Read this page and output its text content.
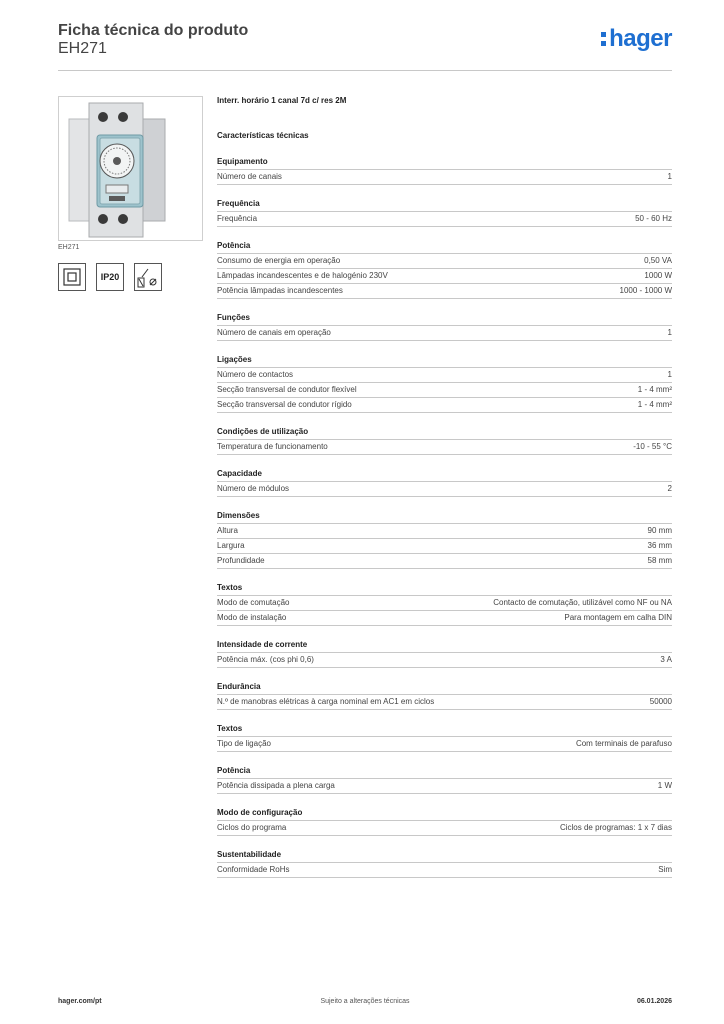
Ficha técnica do produto
EH271	hager
EH271
IP20
Interr. horário 1 canal 7d c/ res 2M
Características técnicas
Equipamento
Número de canais	1
Frequência
Frequência	50 - 60 Hz
Potência
Consumo de energia em operação	0,50 VA
Lâmpadas incandescentes e de halogénio 230V	1000 W
Potência lâmpadas incandescentes	1000 - 1000 W
Funções
Número de canais em operação	1
Ligações
Número de contactos	1
Secção transversal de condutor flexível	1 - 4 mm²
Secção transversal de condutor rígido	1 - 4 mm²
Condições de utilização
Temperatura de funcionamento	-10 - 55 °C
Capacidade
Número de módulos	2
Dimensões
Altura	90 mm
Largura	36 mm
Profundidade	58 mm
Textos
Modo de comutação	Contacto de comutação, utilizável como NF ou NA
Modo de instalação	Para montagem em calha DIN
Intensidade de corrente
Potência máx. (cos phi 0,6)	3 A
Endurância
N.º de manobras elétricas à carga nominal em AC1 em ciclos	50000
Textos
Tipo de ligação	Com terminais de parafuso
Potência
Potência dissipada a plena carga	1 W
Modo de configuração
Ciclos do programa	Ciclos de programas: 1 x 7 dias
Sustentabilidade
Conformidade RoHs	Sim
hager.com/pt	Sujeito a alterações técnicas	06.01.2026
